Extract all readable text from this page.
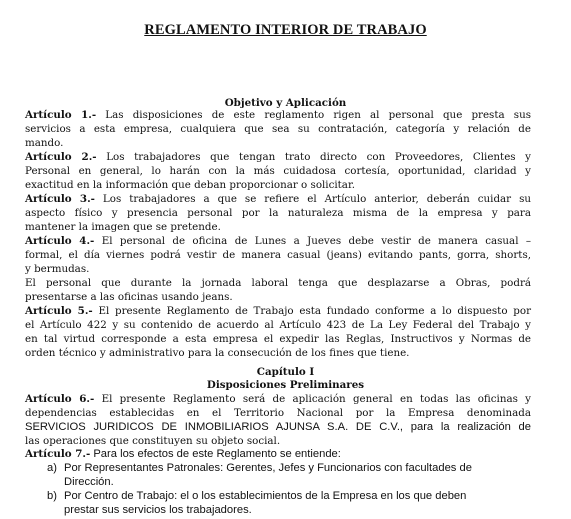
REGLAMENTO INTERIOR DE TRABAJO
Objetivo y Aplicación
Artículo 1.- Las disposiciones de este reglamento rigen al personal que presta sus
servicios a esta empresa, cualquiera que sea su contratación, categoría y relación de
mando.
Artículo 2.- Los trabajadores que tengan trato directo con Proveedores, Clientes y
Personal en general, lo harán con la más cuidadosa cortesía, oportunidad, claridad y
exactitud en la información que deban proporcionar o solicitar.
Artículo 3.- Los trabajadores a que se refiere el Artículo anterior, deberán cuidar su
aspecto físico y presencia personal por la naturaleza misma de la empresa y para
mantener la imagen que se pretende.
Artículo 4.- El personal de oficina de Lunes a Jueves debe vestir de manera casual –
formal, el día viernes podrá vestir de manera casual (jeans) evitando pants, gorra, shorts,
y bermudas.
El personal que durante la jornada laboral tenga que desplazarse a Obras, podrá
presentarse a las oficinas usando jeans.
Artículo 5.- El presente Reglamento de Trabajo esta fundado conforme a lo dispuesto por
el Artículo 422 y su contenido de acuerdo al Artículo 423 de La Ley Federal del Trabajo y
en tal virtud corresponde a esta empresa el expedir las Reglas, Instructivos y Normas de
orden técnico y administrativo para la consecución de los fines que tiene.
Capítulo I
Disposiciones Preliminares
Artículo 6.- El presente Reglamento será de aplicación general en todas las oficinas y
dependencias establecidas en el Territorio Nacional por la Empresa denominada
SERVICIOS JURIDICOS DE INMOBILIARIOS AJUNSA S.A. DE C.V., para la realización de
las operaciones que constituyen su objeto social.
Artículo 7.- Para los efectos de este Reglamento se entiende:
a) Por Representantes Patronales: Gerentes, Jefes y Funcionarios con facultades de
Dirección.
b) Por Centro de Trabajo: el o los establecimientos de la Empresa en los que deben
prestar sus servicios los trabajadores.
